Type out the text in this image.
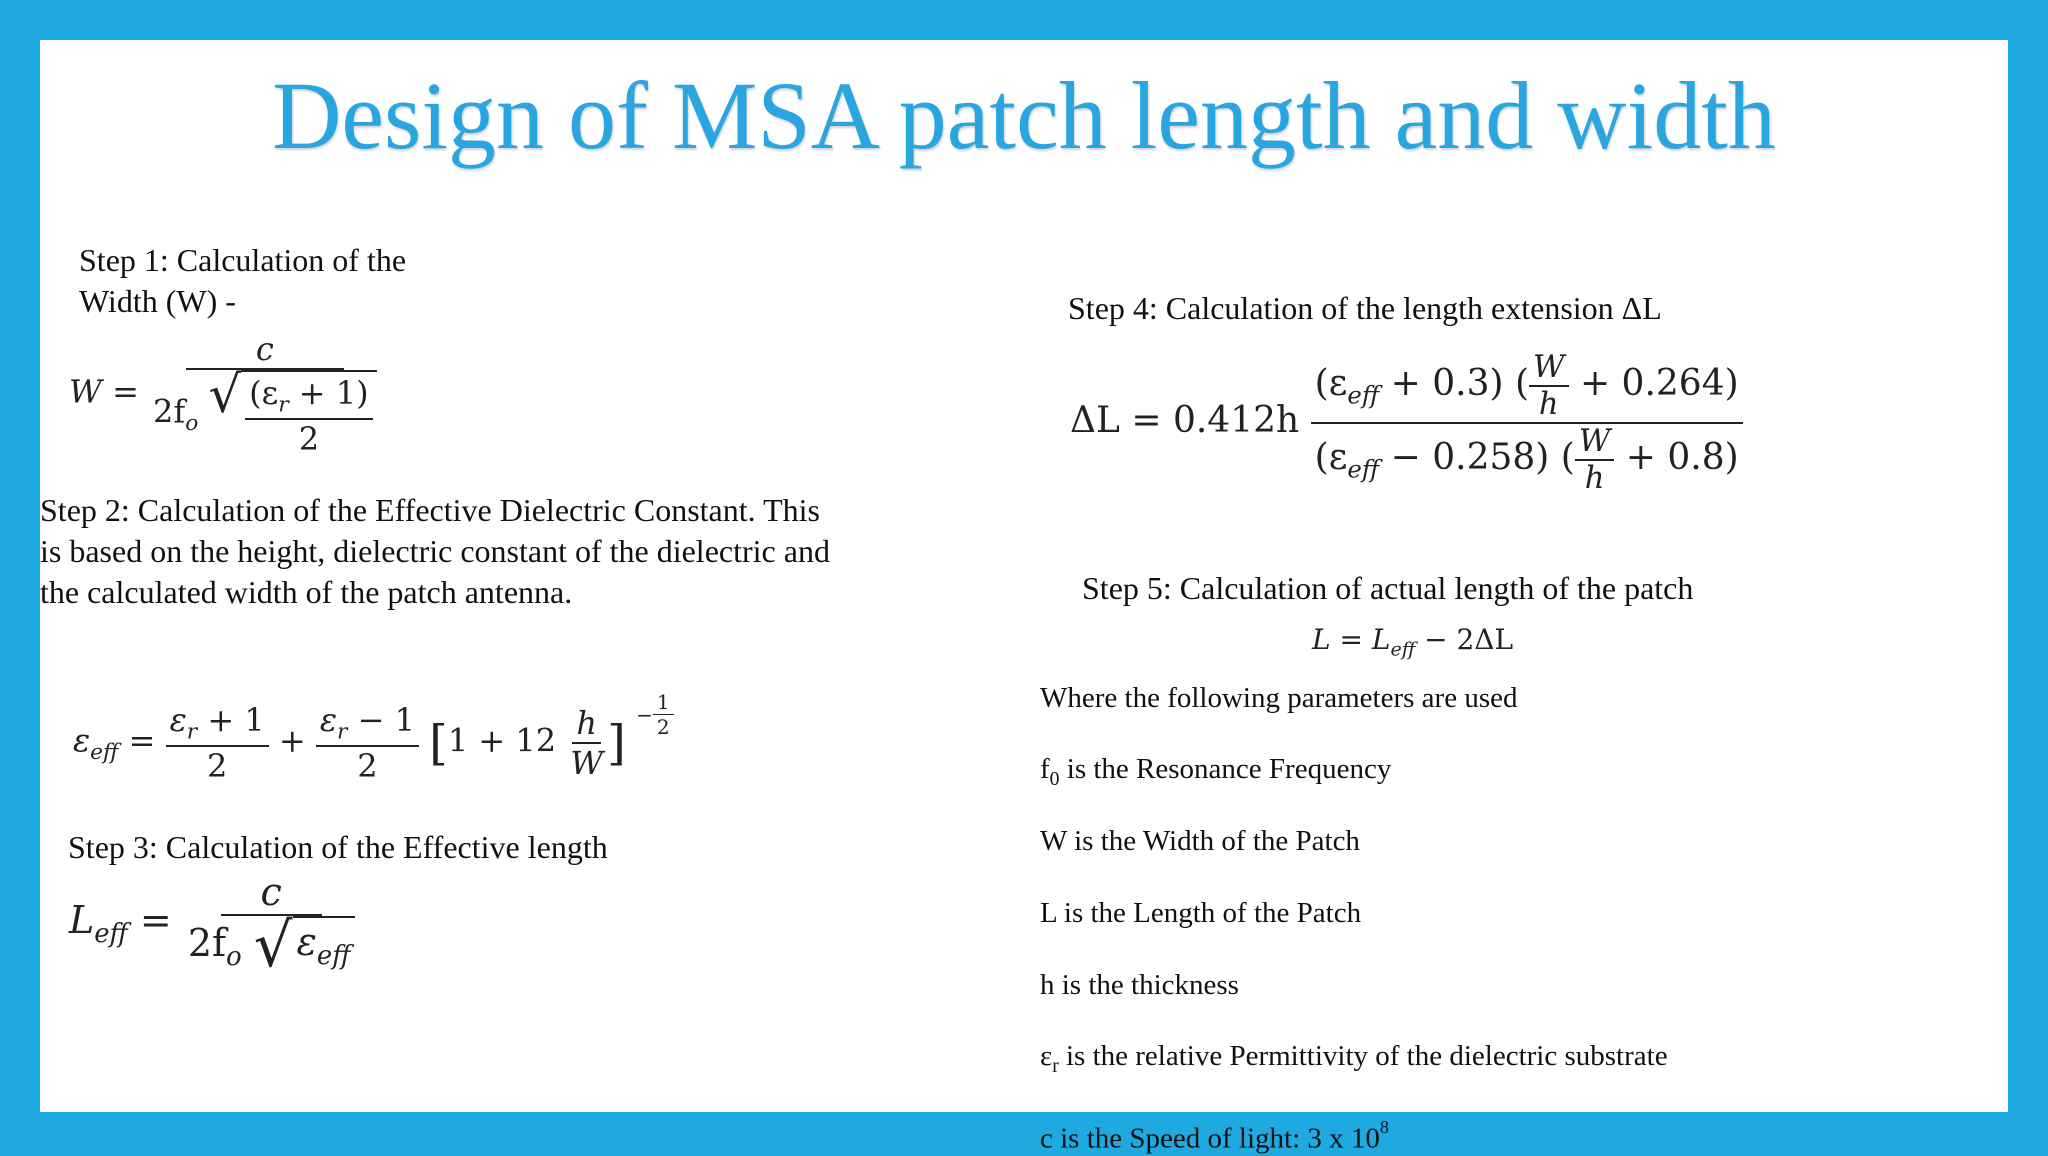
Design of MSA patch length and width
Step 1: Calculation of the
Width (W) -
W =
c
$2f_o$ √ $\frac{(\varepsilon_r + 1)}{2}$
Step 2: Calculation of the Effective Dielectric Constant. This
is based on the height, dielectric constant of the dielectric and
the calculated width of the patch antenna.
$\varepsilon_{eff} = \frac{\varepsilon_r + 1}{2} + \frac{\varepsilon_r - 1}{2} [1 + 12 \frac{h}{W}$ ]
− $\frac{1}{2}$
Step 3: Calculation of the Effective length
$L_{eff} = \frac{c}{2f_o √ \varepsilon_{eff}}$
Step 4: Calculation of the length extension ΔL
$\Delta L = 0.412h \frac{(\varepsilon_{eff} + 0.3) ( \frac{W}{h} + 0.264)}{(\varepsilon_{eff} - 0.258) ( \frac{W}{h} + 0.8)}$
Step 5: Calculation of actual length of the patch
$L = L_{eff} - 2\Delta L$
Where the following parameters are used
$f_0$ is the Resonance Frequency
W is the Width of the Patch
L is the Length of the Patch
h is the thickness
$\varepsilon_r$ is the relative Permittivity of the dielectric substrate
c is the Speed of light: 3 x $10^8$
